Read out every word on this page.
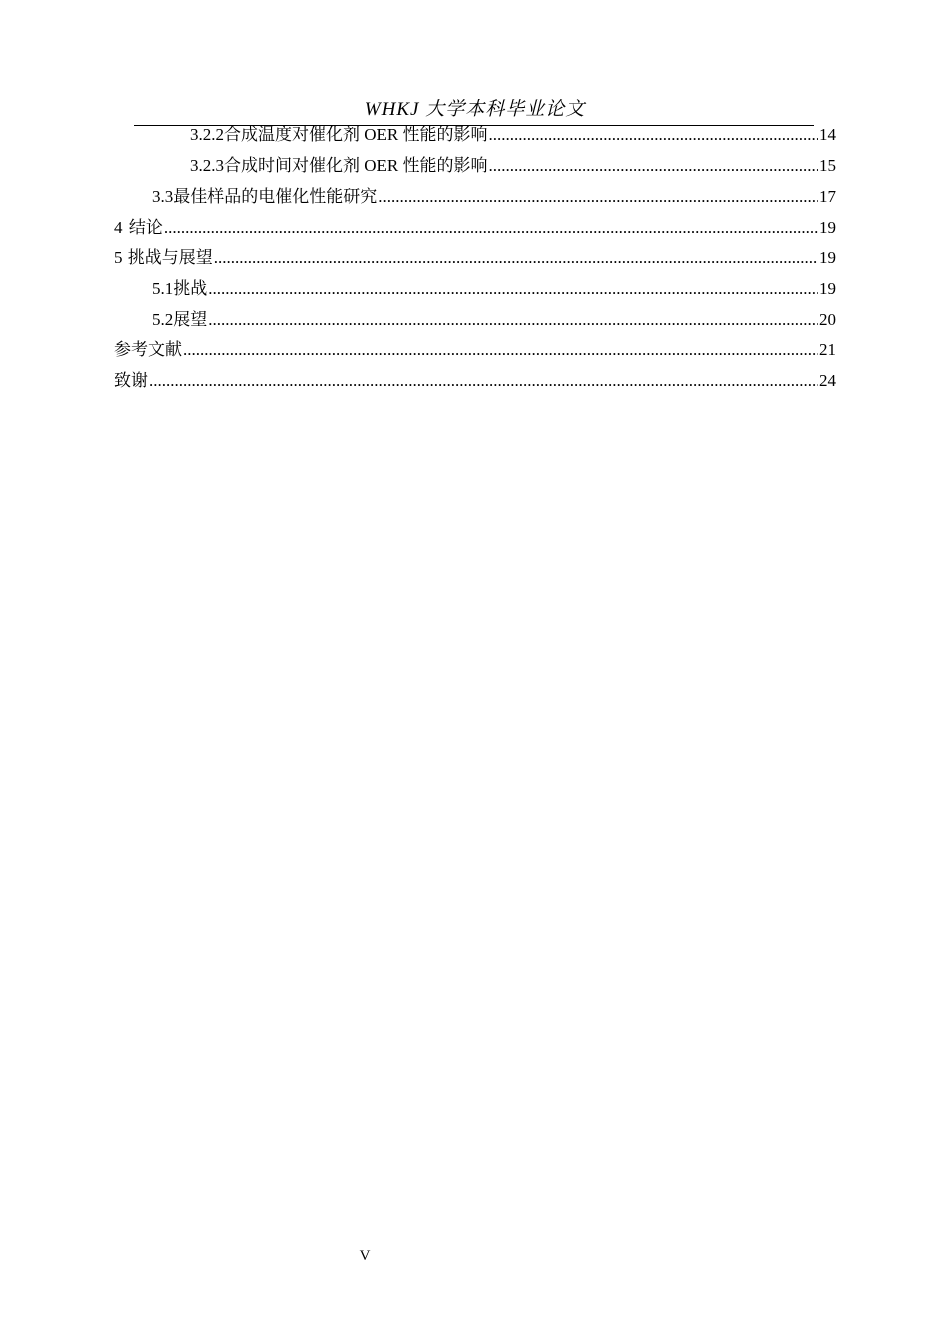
WHKJ 大学本科毕业论文
3.2.2 合成温度对催化剂 OER 性能的影响 .....	14
3.2.3 合成时间对催化剂 OER 性能的影响 .....	15
3.3 最佳样品的电催化性能研究 .....	17
4 结论 .....	19
5 挑战与展望 .....	19
5.1 挑战 .....	19
5.2 展望 .....	20
参考文献 .....	21
致谢 .....	24
V
